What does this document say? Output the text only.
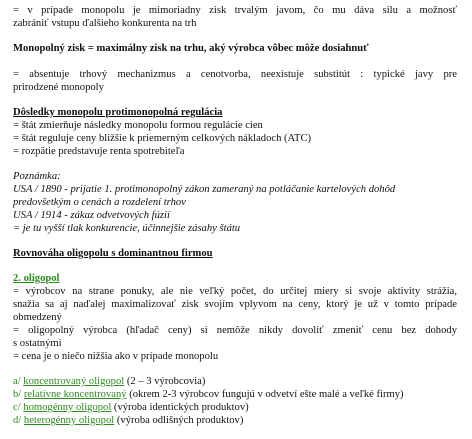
= v prípade monopolu je mimoriadny zisk trvalým javom, čo mu dáva silu a možnosť
zabrániť vstupu ďalšieho konkurenta na trh
Monopolný zisk = maximálny zisk na trhu, aký výrobca vôbec môže dosiahnuť
= absentuje trhový mechanizmus a cenotvorba, neexistuje substitút : typické javy pre
prirodzené monopoly
Dôsledky monopolu protimonopolná regulácia
= štát zmierňuje následky monopolu formou regulácie cien
= štát reguluje ceny bližšie k priemerným celkových nákladoch (ATC)
= rozpätie predstavuje renta spotrebiteľa
Poznámka:
USA / 1890 - prijatie 1. protimonopolný zákon zameraný na potláčanie kartelových dohôd
predovšetkým o cenách a rozdelení trhov
USA / 1914 - zákaz odvetvových fúzií
= je tu vyšší tlak konkurencie, účinnejšie zásahy štátu
Rovnováha oligopolu s dominantnou firmou
2. oligopol
= výrobcov na strane ponuky, ale nie veľký počet, do určitej miery si svoje aktivity strážia,
snažia sa aj naďalej maximalizovať zisk svojím vplyvom na ceny, ktorý je už v tomto prípade
obmedzený
= oligopolný výrobca (hľadač ceny) si nemôže nikdy dovoliť zmeniť cenu bez dohody
s ostatnými
= cena je o niečo nižšia ako v prípade monopolu
a/ koncentrovaný oligopol (2 – 3 výrobcovia)
b/ relatívne koncentrovaný (okrem 2-3 výrobcov fungujú v odvetví ešte malé a veľké firmy)
c/ homogénny oligopol (výroba identických produktov)
d/ heterogénny oligopol (výroba odlišných produktov)
